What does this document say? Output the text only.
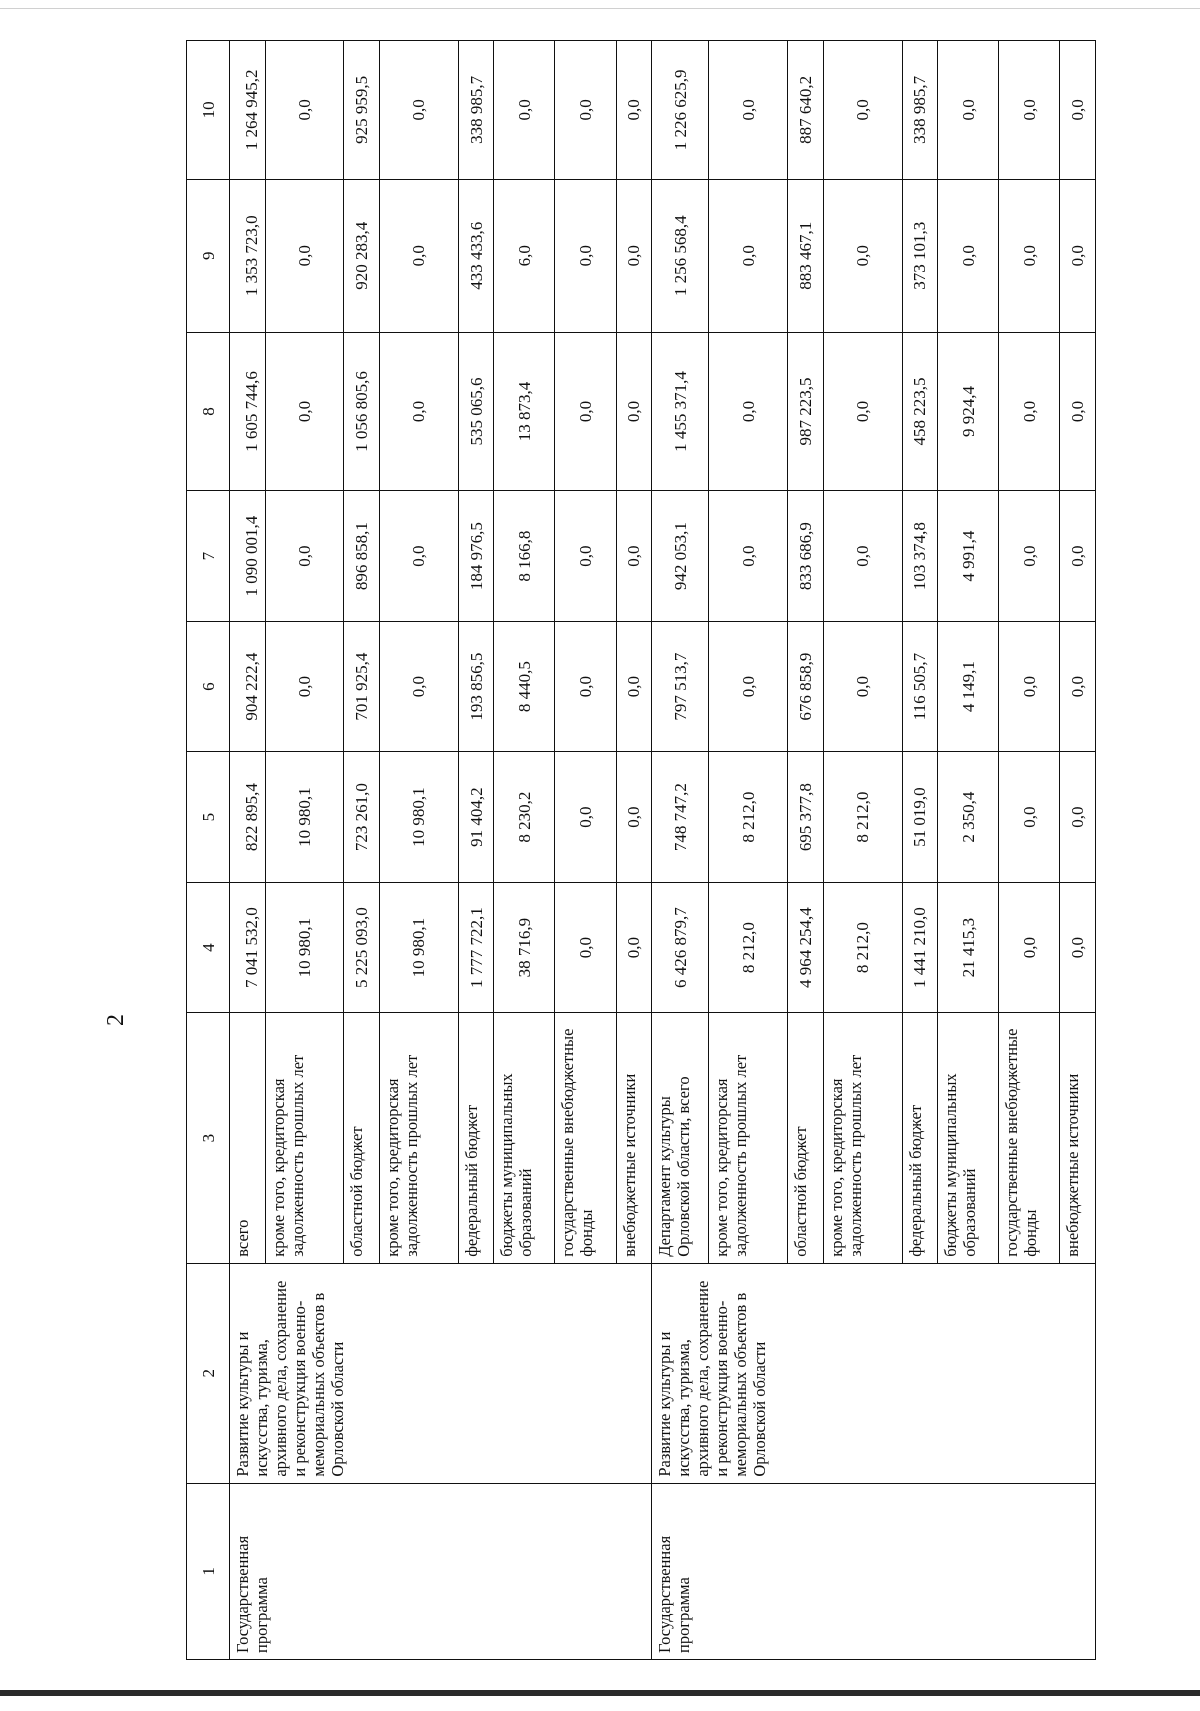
2
1	2	3	4	5	6	7	8	9	10
Государственная программа	Развитие культуры и искусства, туризма, архивного дела, сохранение и реконструкция военно-мемориальных объектов в Орловской области	всего	7 041 532,0	822 895,4	904 222,4	1 090 001,4	1 605 744,6	1 353 723,0	1 264 945,2
		кроме того, кредиторская задолженность прошлых лет	10 980,1	10 980,1	0,0	0,0	0,0	0,0	0,0
		областной бюджет	5 225 093,0	723 261,0	701 925,4	896 858,1	1 056 805,6	920 283,4	925 959,5
		кроме того, кредиторская задолженность прошлых лет	10 980,1	10 980,1	0,0	0,0	0,0	0,0	0,0
		федеральный бюджет	1 777 722,1	91 404,2	193 856,5	184 976,5	535 065,6	433 433,6	338 985,7
		бюджеты муниципальных образований	38 716,9	8 230,2	8 440,5	8 166,8	13 873,4	6,0	0,0
		государственные внебюджетные фонды	0,0	0,0	0,0	0,0	0,0	0,0	0,0
		внебюджетные источники	0,0	0,0	0,0	0,0	0,0	0,0	0,0
Государственная программа	Развитие культуры и искусства, туризма, архивного дела, сохранение и реконструкция военно-мемориальных объектов в Орловской области	Департамент культуры Орловской области, всего	6 426 879,7	748 747,2	797 513,7	942 053,1	1 455 371,4	1 256 568,4	1 226 625,9
		кроме того, кредиторская задолженность прошлых лет	8 212,0	8 212,0	0,0	0,0	0,0	0,0	0,0
		областной бюджет	4 964 254,4	695 377,8	676 858,9	833 686,9	987 223,5	883 467,1	887 640,2
		кроме того, кредиторская задолженность прошлых лет	8 212,0	8 212,0	0,0	0,0	0,0	0,0	0,0
		федеральный бюджет	1 441 210,0	51 019,0	116 505,7	103 374,8	458 223,5	373 101,3	338 985,7
		бюджеты муниципальных образований	21 415,3	2 350,4	4 149,1	4 991,4	9 924,4	0,0	0,0
		государственные внебюджетные фонды	0,0	0,0	0,0	0,0	0,0	0,0	0,0
		внебюджетные источники	0,0	0,0	0,0	0,0	0,0	0,0	0,0
